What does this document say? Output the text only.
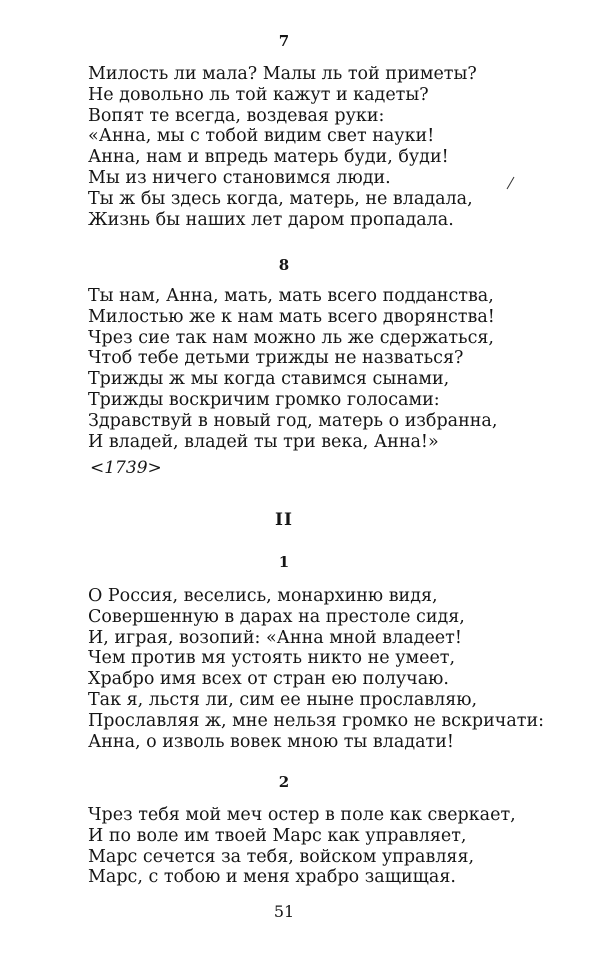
7
Милость ли мала? Малы ль той приметы?
Не довольно ль той кажут и кадеты?
Вопят те всегда, воздевая руки:
«Анна, мы с тобой видим свет науки!
Анна, нам и впредь матерь буди, буди!
Мы из ничего становимся люди.
Ты ж бы здесь когда, матерь, не владала,
Жизнь бы наших лет даром пропадала.
8
Ты нам, Анна, мать, мать всего подданства,
Милостью же к нам мать всего дворянства!
Чрез сие так нам можно ль же сдержаться,
Чтоб тебе детьми трижды не назваться?
Трижды ж мы когда ставимся сынами,
Трижды воскричим громко голосами:
Здравствуй в новый год, матерь о избранна,
И владей, владей ты три века, Анна!»
<1739>
II
1
О Россия, веселись, монархиню видя,
Совершенную в дарах на престоле сидя,
И, играя, возопий: «Анна мной владеет!
Чем против мя устоять никто не умеет,
Храбро имя всех от стран ею получаю.
Так я, льстя ли, сим ее ныне прославляю,
Прославляя ж, мне нельзя громко не вскричати:
Анна, о изволь вовек мною ты владати!
2
Чрез тебя мой меч остер в поле как сверкает,
И по воле им твоей Марс как управляет,
Марс сечется за тебя, войском управляя,
Марс, с тобою и меня храбро защищая.
51
